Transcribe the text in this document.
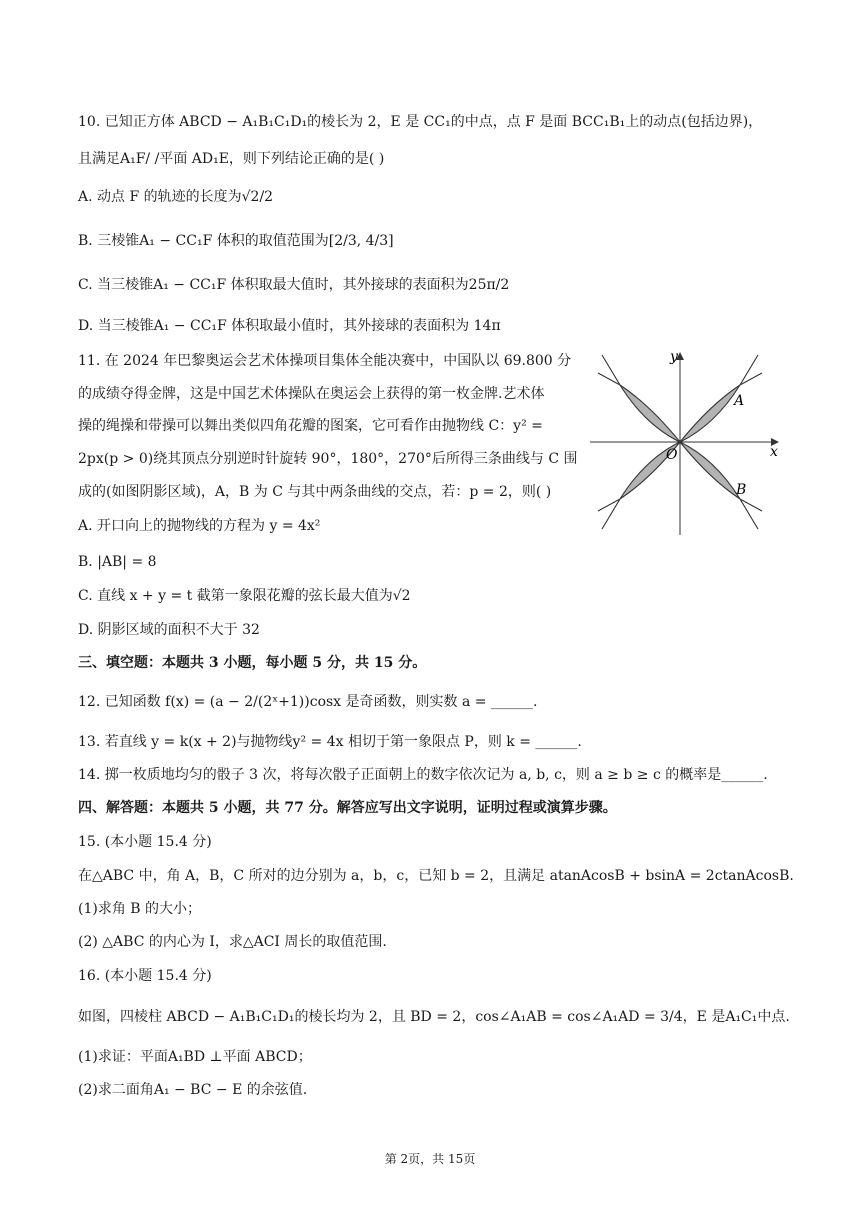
10. 已知正方体 ABCD − A₁B₁C₁D₁的棱长为 2，E 是 CC₁的中点，点 F 是面 BCC₁B₁上的动点(包括边界)，
且满足A₁F/ /平面 AD₁E，则下列结论正确的是( )
A. 动点 F 的轨迹的长度为√2/2
B. 三棱锥A₁ − CC₁F 体积的取值范围为[2/3, 4/3]
C. 当三棱锥A₁ − CC₁F 体积取最大值时，其外接球的表面积为25π/2
D. 当三棱锥A₁ − CC₁F 体积取最小值时，其外接球的表面积为 14π
11. 在 2024 年巴黎奥运会艺术体操项目集体全能决赛中，中国队以 69.800 分
的成绩夺得金牌，这是中国艺术体操队在奥运会上获得的第一枚金牌.艺术体
操的绳操和带操可以舞出类似四角花瓣的图案，它可看作由抛物线 C：y² =
2px(p > 0)绕其顶点分别逆时针旋转 90°，180°，270°后所得三条曲线与 C 围
成的(如图阴影区域)，A，B 为 C 与其中两条曲线的交点，若：p = 2，则( )
A. 开口向上的抛物线的方程为 y = 4x²
B. |AB| = 8
C. 直线 x + y = t 截第一象限花瓣的弦长最大值为√2
D. 阴影区域的面积不大于 32
三、填空题：本题共 3 小题，每小题 5 分，共 15 分。
12. 已知函数 f(x) = (a − 2/(2ˣ+1))cosx 是奇函数，则实数 a = ______.
13. 若直线 y = k(x + 2)与抛物线y² = 4x 相切于第一象限点 P，则 k = ______.
14. 掷一枚质地均匀的骰子 3 次，将每次骰子正面朝上的数字依次记为 a, b, c，则 a ≥ b ≥ c 的概率是______.
四、解答题：本题共 5 小题，共 77 分。解答应写出文字说明，证明过程或演算步骤。
15. (本小题 15.4 分)
在△ABC 中，角 A，B，C 所对的边分别为 a，b，c，已知 b = 2，且满足 atanAcosB + bsinA = 2ctanAcosB.
(1)求角 B 的大小；
(2) △ABC 的内心为 I，求△ACI 周长的取值范围.
16. (本小题 15.4 分)
如图，四棱柱 ABCD − A₁B₁C₁D₁的棱长均为 2，且 BD = 2，cos∠A₁AB = cos∠A₁AD = 3/4，E 是A₁C₁中点.
(1)求证：平面A₁BD ⊥平面 ABCD；
(2)求二面角A₁ − BC − E 的余弦值.
x
y
O
A
B
第 2页，共 15页
